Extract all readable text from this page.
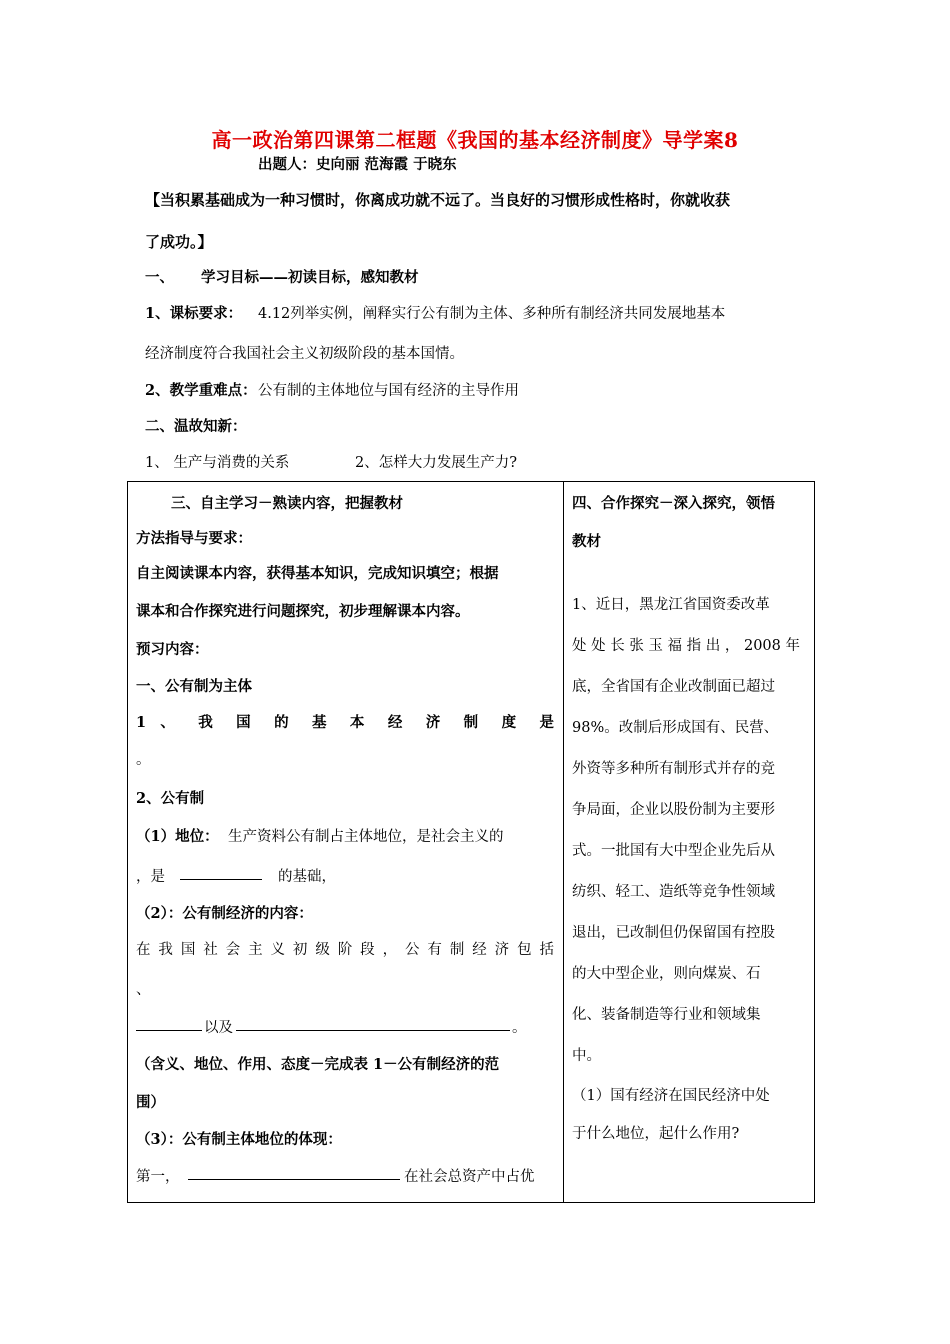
高一政治第四课第二框题《我国的基本经济制度》导学案8
出题人：史向丽 范海霞 于晓东
【当积累基础成为一种习惯时，你离成功就不远了。当良好的习惯形成性格时，你就收获
了成功。】
一、 学习目标——初读目标，感知教材
1、课标要求： 4.12列举实例，阐释实行公有制为主体、多种所有制经济共同发展地基本
经济制度符合我国社会主义初级阶段的基本国情。
2、教学重难点： 公有制的主体地位与国有经济的主导作用
二、温故知新：
1、 生产与消费的关系	2、怎样大力发展生产力?
三、自主学习－熟读内容，把握教材
方法指导与要求：
自主阅读课本内容，获得基本知识，完成知识填空；根据
课本和合作探究进行问题探究，初步理解课本内容。
预习内容：
一、公有制为主体
1 、 我 国 的 基 本 经 济 制 度 是
。
2、公有制
（1）地位： 生产资料公有制占主体地位，是社会主义的
，是	的基础，
（2）：公有制经济的内容：
在 我 国 社 会 主 义 初 级 阶 段 ， 公 有 制 经 济 包 括
、
以及	。
（含义、地位、作用、态度－完成表 1－公有制经济的范
围）
（3）：公有制主体地位的体现：
第一，	在社会总资产中占优
四、合作探究－深入探究，领悟
教材
1、近日，黑龙江省国资委改革
处 处 长 张 玉 福 指 出 ， 2008 年
底，全省国有企业改制面已超过
98%。改制后形成国有、民营、
外资等多种所有制形式并存的竞
争局面，企业以股份制为主要形
式。一批国有大中型企业先后从
纺织、轻工、造纸等竞争性领域
退出，已改制但仍保留国有控股
的大中型企业，则向煤炭、石
化、装备制造等行业和领域集
中。
（1）国有经济在国民经济中处
于什么地位，起什么作用?
